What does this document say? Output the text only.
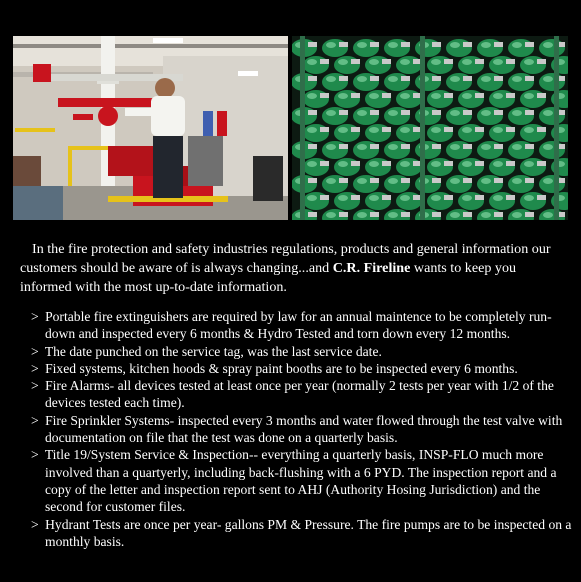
In the fire protection and safety industries regulations, products and general information our customers should be aware of is always changing...and C.R. Fireline wants to keep you informed with the most up-to-date information.

> Portable fire extinguishers are required by law for an annual maintence to be completely run-down and inspected every 6 months & Hydro Tested and torn down every 12 months.
> The date punched on the service tag, was the last service date.
> Fixed systems, kitchen hoods & spray paint booths are to be inspected every 6 months.
> Fire Alarms- all devices tested at least once per year (normally 2 tests per year with 1/2 of the devices tested each time).
> Fire Sprinkler Systems- inspected every 3 months and water flowed through the test valve with documentation on file that the test was done on a quarterly basis.
> Title 19/System Service & Inspection-- everything a quarterly basis, INSP-FLO much more involved than a quartyerly, including back-flushing with a 6 PYD. The inspection report and a copy of the letter and inspection report sent to AHJ (Authority Hosing Jurisdiction) and the second for customer files.
> Hydrant Tests are once per year- gallons PM & Pressure. The fire pumps are to be inspected on a monthly basis.
